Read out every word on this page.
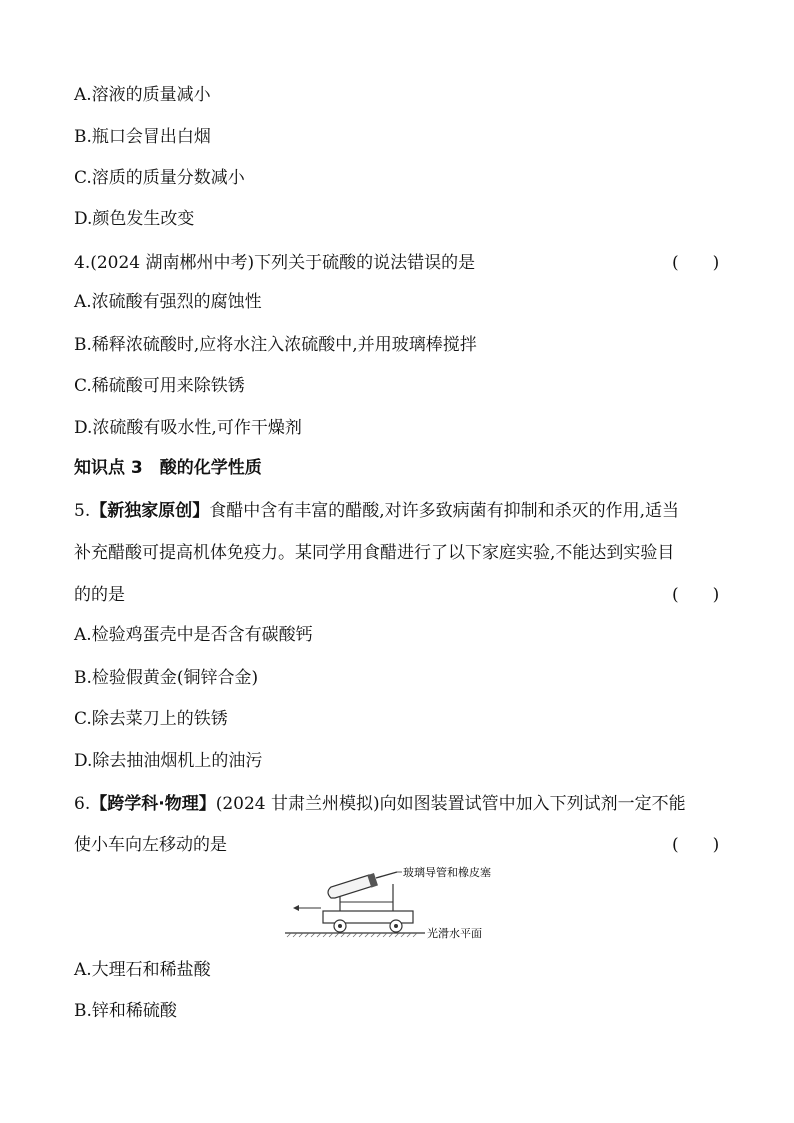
A.溶液的质量减小
B.瓶口会冒出白烟
C.溶质的质量分数减小
D.颜色发生改变
4.(2024 湖南郴州中考)下列关于硫酸的说法错误的是	(　　)
A.浓硫酸有强烈的腐蚀性
B.稀释浓硫酸时,应将水注入浓硫酸中,并用玻璃棒搅拌
C.稀硫酸可用来除铁锈
D.浓硫酸有吸水性,可作干燥剂
知识点 3　酸的化学性质
5.【新独家原创】食醋中含有丰富的醋酸,对许多致病菌有抑制和杀灭的作用,适当
补充醋酸可提高机体免疫力。某同学用食醋进行了以下家庭实验,不能达到实验目
的的是	(　　)
A.检验鸡蛋壳中是否含有碳酸钙
B.检验假黄金(铜锌合金)
C.除去菜刀上的铁锈
D.除去抽油烟机上的油污
6.【跨学科·物理】(2024 甘肃兰州模拟)向如图装置试管中加入下列试剂一定不能
使小车向左移动的是	(　　)
玻璃导管和橡皮塞
光滑水平面
A.大理石和稀盐酸
B.锌和稀硫酸
